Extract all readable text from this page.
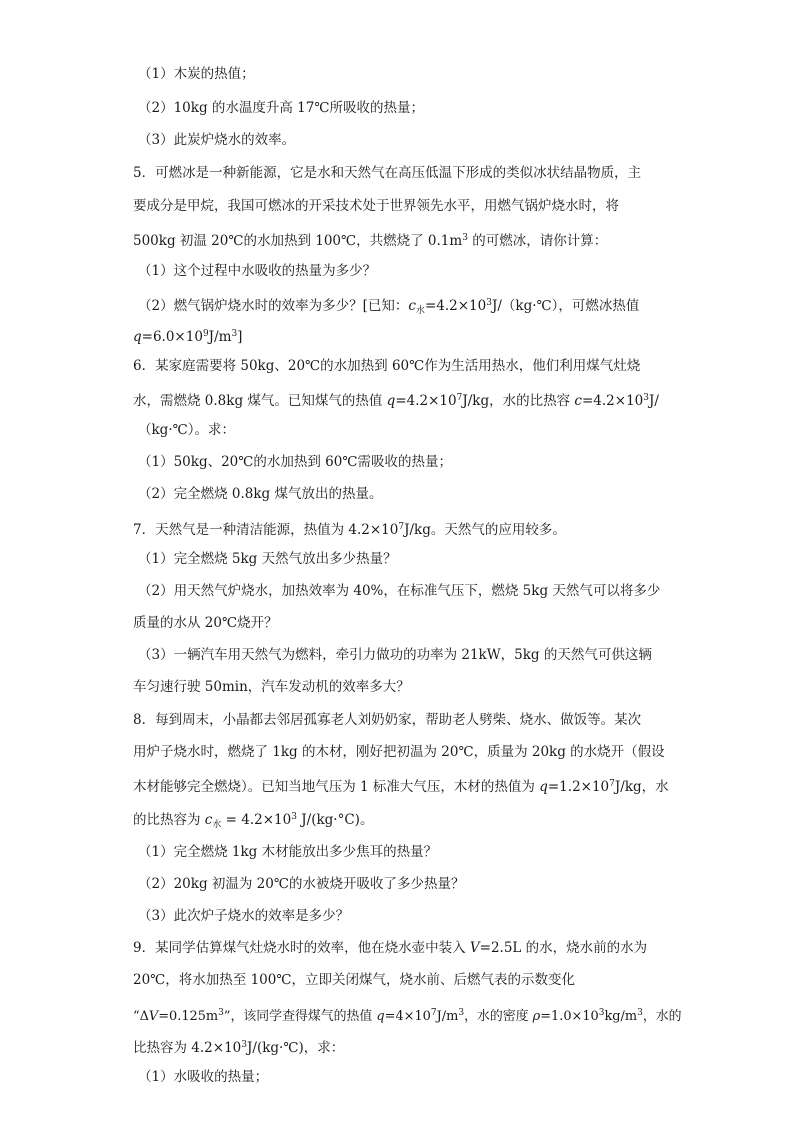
（1）木炭的热值；
（2）10kg 的水温度升高 17℃所吸收的热量；
（3）此炭炉烧水的效率。
5．可燃冰是一种新能源，它是水和天然气在高压低温下形成的类似冰状结晶物质，主
要成分是甲烷，我国可燃冰的开采技术处于世界领先水平，用燃气锅炉烧水时，将
500kg 初温 20℃的水加热到 100℃，共燃烧了 $0.1m^3$ 的可燃冰，请你计算：
（1）这个过程中水吸收的热量为多少？
（2）燃气锅炉烧水时的效率为多少？[已知：$c_水=4.2\times 10^3J/(kg\cdot℃)$，可燃冰热值
$q=6.0\times 10^9J/m^3$]
6．某家庭需要将 50kg、20℃的水加热到 60℃作为生活用热水，他们利用煤气灶烧
水，需燃烧 0.8kg 煤气。已知煤气的热值 $q=4.2\times 10^7J/kg$，水的比热容 $c=4.2\times 10^3J/$
（kg·℃）。求：
（1）50kg、20℃的水加热到 60℃需吸收的热量；
（2）完全燃烧 0.8kg 煤气放出的热量。
7．天然气是一种清洁能源，热值为 $4.2\times 10^7J/kg$。天然气的应用较多。
（1）完全燃烧 5kg 天然气放出多少热量？
（2）用天然气炉烧水，加热效率为 40%，在标准气压下，燃烧 5kg 天然气可以将多少
质量的水从 20℃烧开？
（3）一辆汽车用天然气为燃料，牵引力做功的功率为 21kW，5kg 的天然气可供这辆
车匀速行驶 50min，汽车发动机的效率多大？
8．每到周末，小晶都去邻居孤寡老人刘奶奶家，帮助老人劈柴、烧水、做饭等。某次
用炉子烧水时，燃烧了 1kg 的木材，刚好把初温为 20℃，质量为 20kg 的水烧开（假设
木材能够完全燃烧）。已知当地气压为 1 标准大气压，木材的热值为 $q=1.2\times 10^7J/kg$，水
的比热容为 $c_水 = 4.2\times 10^3$ J/(kg·°C)。
（1）完全燃烧 1kg 木材能放出多少焦耳的热量？
（2）20kg 初温为 20℃的水被烧开吸收了多少热量？
（3）此次炉子烧水的效率是多少？
9．某同学估算煤气灶烧水时的效率，他在烧水壶中装入 V=2.5L 的水，烧水前的水为
20℃，将水加热至 100℃，立即关闭煤气，烧水前、后燃气表的示数变化
“$\Delta V=0.125m^3$”，该同学查得煤气的热值 $q=4\times 10^7J/m^3$，水的密度 $\rho=1.0\times 10^3kg/m^3$，水的
比热容为 $4.2\times 10^3J/(kg\cdot℃)$，求：
（1）水吸收的热量；
